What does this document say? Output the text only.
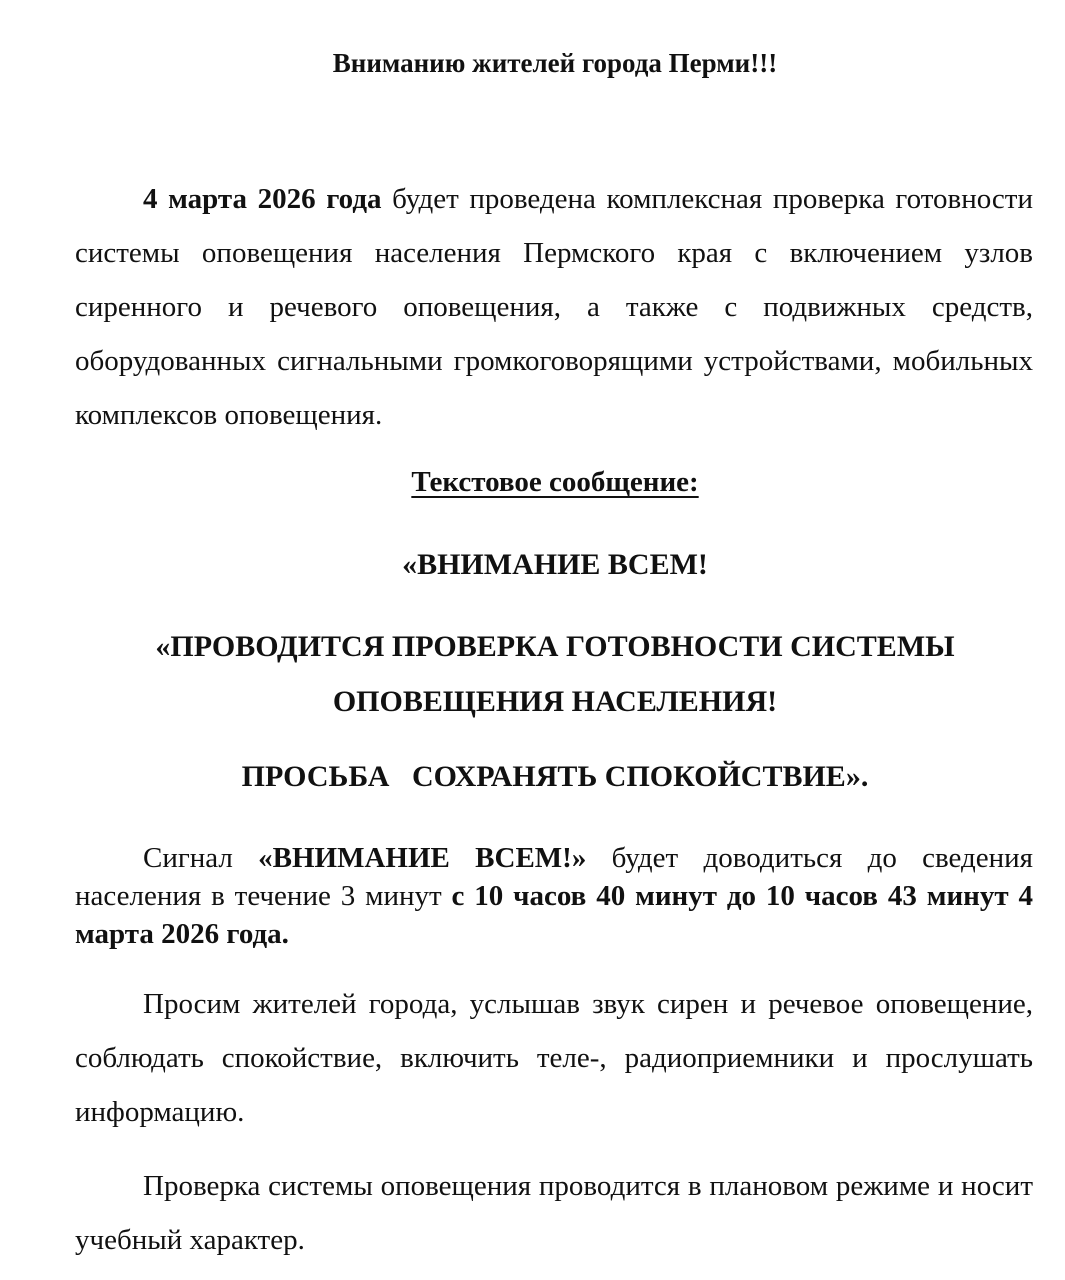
Вниманию жителей города Перми!!!
4 марта 2026 года будет проведена комплексная проверка готовности системы оповещения населения Пермского края с включением узлов сиренного и речевого оповещения, а также с подвижных средств, оборудованных сигнальными громкоговорящими устройствами, мобильных комплексов оповещения.
Текстовое сообщение:
«ВНИМАНИЕ ВСЕМ!
«ПРОВОДИТСЯ ПРОВЕРКА ГОТОВНОСТИ СИСТЕМЫ
ОПОВЕЩЕНИЯ НАСЕЛЕНИЯ!
ПРОСЬБА   СОХРАНЯТЬ СПОКОЙСТВИЕ».
Сигнал «ВНИМАНИЕ ВСЕМ!» будет доводиться до сведения населения в течение 3 минут с 10 часов 40 минут до 10 часов 43 минут 4 марта 2026 года.
Просим жителей города, услышав звук сирен и речевое оповещение, соблюдать спокойствие, включить теле-, радиоприемники и прослушать информацию.
Проверка системы оповещения проводится в плановом режиме и носит учебный характер.
